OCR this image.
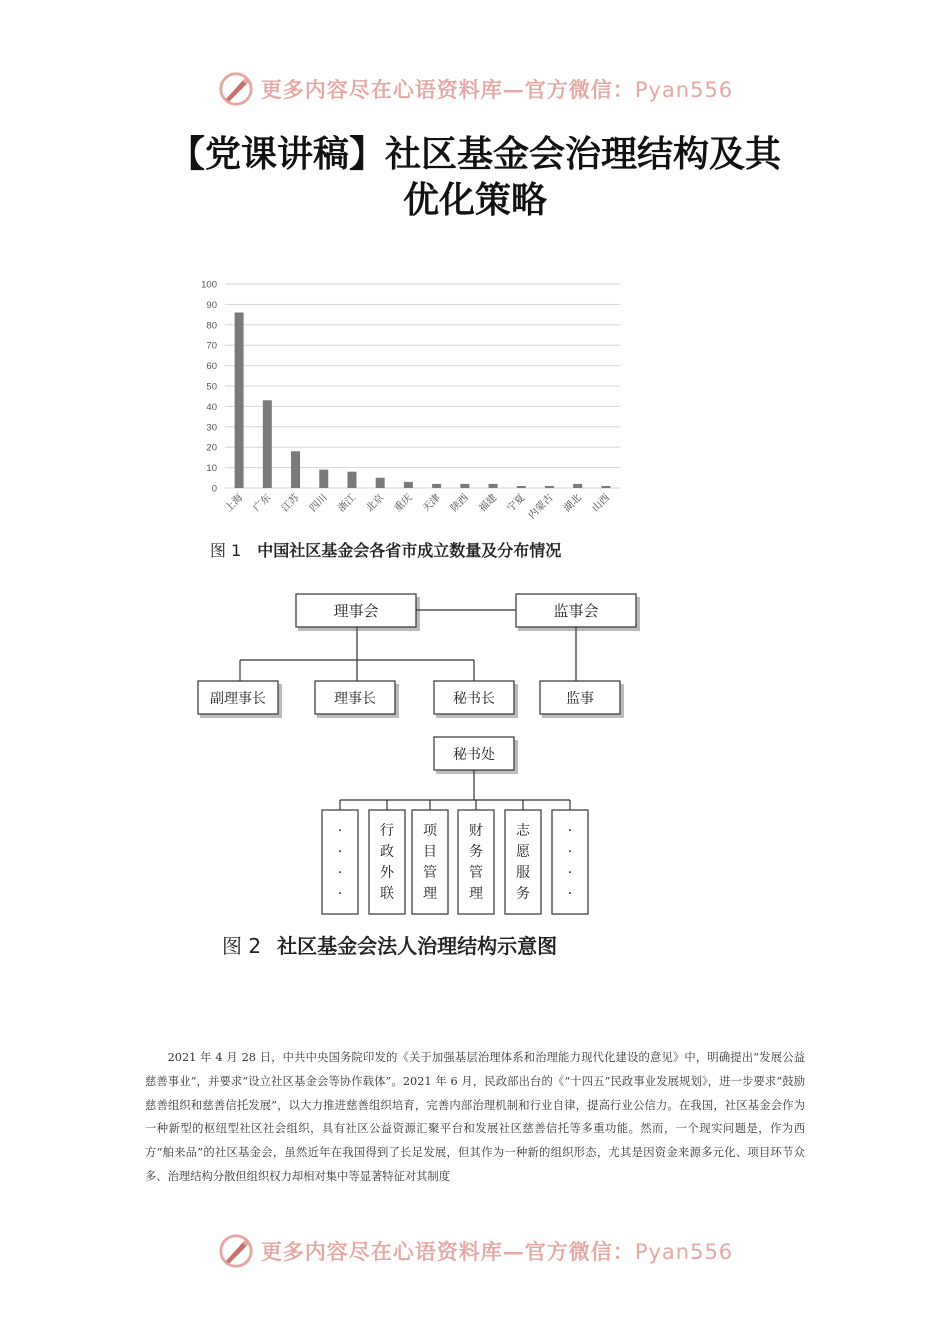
更多内容尽在心语资料库—官方微信：Pyan556
【党课讲稿】社区基金会治理结构及其
优化策略
0
10
20
30
40
50
60
70
80
90
100
上海 广东 江苏 四川 浙江 北京 重庆 天津 陕西 福建 宁夏 内蒙古 湖北 山西
图 1 中国社区基金会各省市成立数量及分布情况
理事会	监事会
副理事长	理事长	秘书长	监事
秘书处
·
·
·
·
行
政
外
联
项
目
管
理
财
务
管
理
志
愿
服
务
·
·
·
·
图 2 社区基金会法人治理结构示意图

2021 年 4 月 28 日，中共中央国务院印发的《关于加强基层治理体系和治理能力现代化建设的意见》中，明确提出“发展公益慈善事业”，并要求“设立社区基金会等协作载体”。2021 年 6 月，民政部出台的《“十四五”民政事业发展规划》，进一步要求“鼓励慈善组织和慈善信托发展”，以大力推进慈善组织培育，完善内部治理机制和行业自律，提高行业公信力。在我国，社区基金会作为一种新型的枢纽型社区社会组织，具有社区公益资源汇聚平台和发展社区慈善信托等多重功能。然而，一个现实问题是，作为西方“舶来品”的社区基金会，虽然近年在我国得到了长足发展，但其作为一种新的组织形态，尤其是因资金来源多元化、项目环节众多、治理结构分散但组织权力却相对集中等显著特征对其制度

更多内容尽在心语资料库—官方微信：Pyan556
